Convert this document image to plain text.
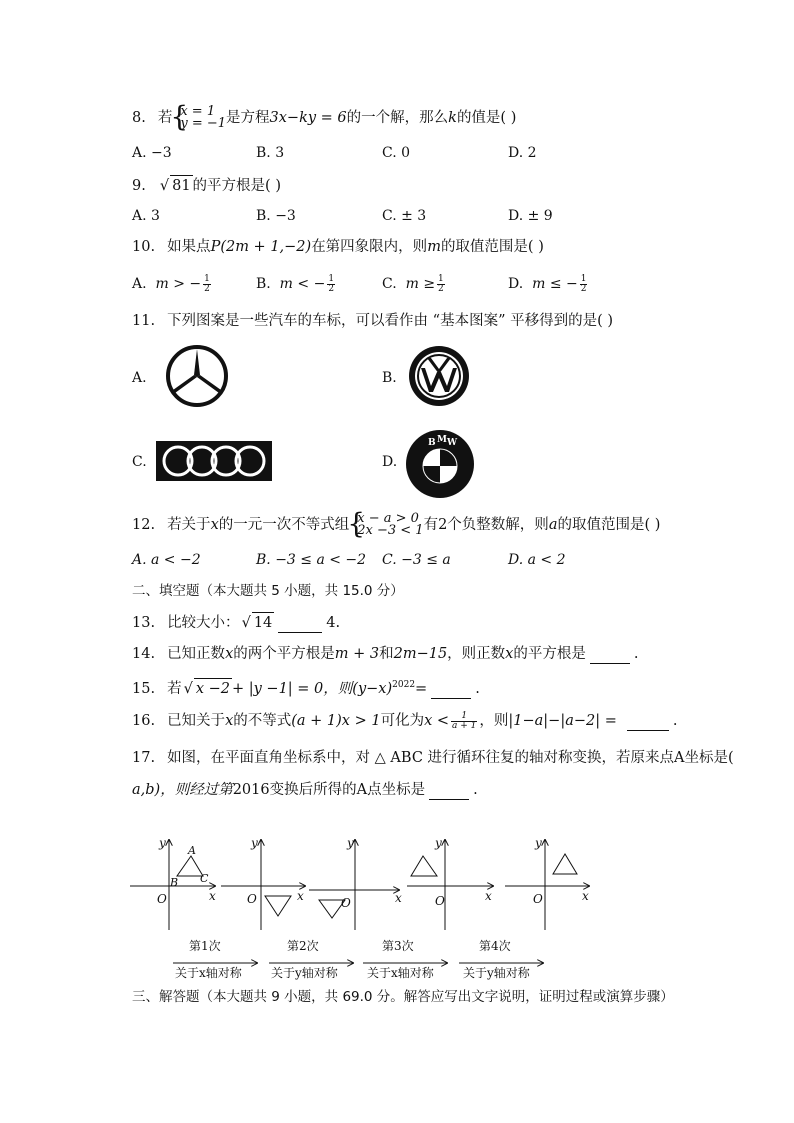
8. 若 { x = 1
y = −1 是方程3x−ky = 6的一个解，那么k的值是( )
A. −3	B. 3	C. 0	D. 2
9. √ 81 的平方根是( )
A. 3	B. −3	C. ± 3	D. ± 9
10. 如果点P(2m + 1,−2)在第四象限内，则m的取值范围是( )
A. m > − $\frac{1}{2}$	B. m < − $\frac{1}{2}$	C. $m \ge \frac{1}{2}$	D. m ≤ − $\frac{1}{2}$
11. 下列图案是一些汽车的车标，可以看作由 “基本图案” 平移得到的是( )
A.	B.
C.	D.
B M W
12. 若关于x的一元一次不等式组 { x − a > 0
2x −3 < 1 有2个负整数解，则a的取值范围是( )
A. a < −2	B. −3 ≤ a < −2 C. −3 ≤ a	D. a < 2
二、填空题（本大题共 5 小题，共 15.0 分）
13. 比较大小： √ 14	4.
14. 已知正数x的两个平方根是m + 3和2m−15，则正数x的平方根是	.
15. 若 √ x −2 + |y −1| = 0，则$(y-x)^{2022}=$	.
16. 已知关于x的不等式(a + 1)x > 1可化为$x < \frac{1}{a + 1}$ ，则|1−a|−|a−2| =	.
17. 如图，在平面直角坐标系中，对 △ ABC 进行循环往复的轴对称变换，若原来点A坐标是(
a,b)，则经过第2016变换后所得的A点坐标是	.
y
x
O
A
B C
y
x
O
y
x
O
y
x
O
y
x
O
第1次
关于x轴对称
第2次
关于y轴对称
第3次
关于x轴对称
第4次
关于y轴对称
三、解答题（本大题共 9 小题，共 69.0 分。解答应写出文字说明，证明过程或演算步骤）
